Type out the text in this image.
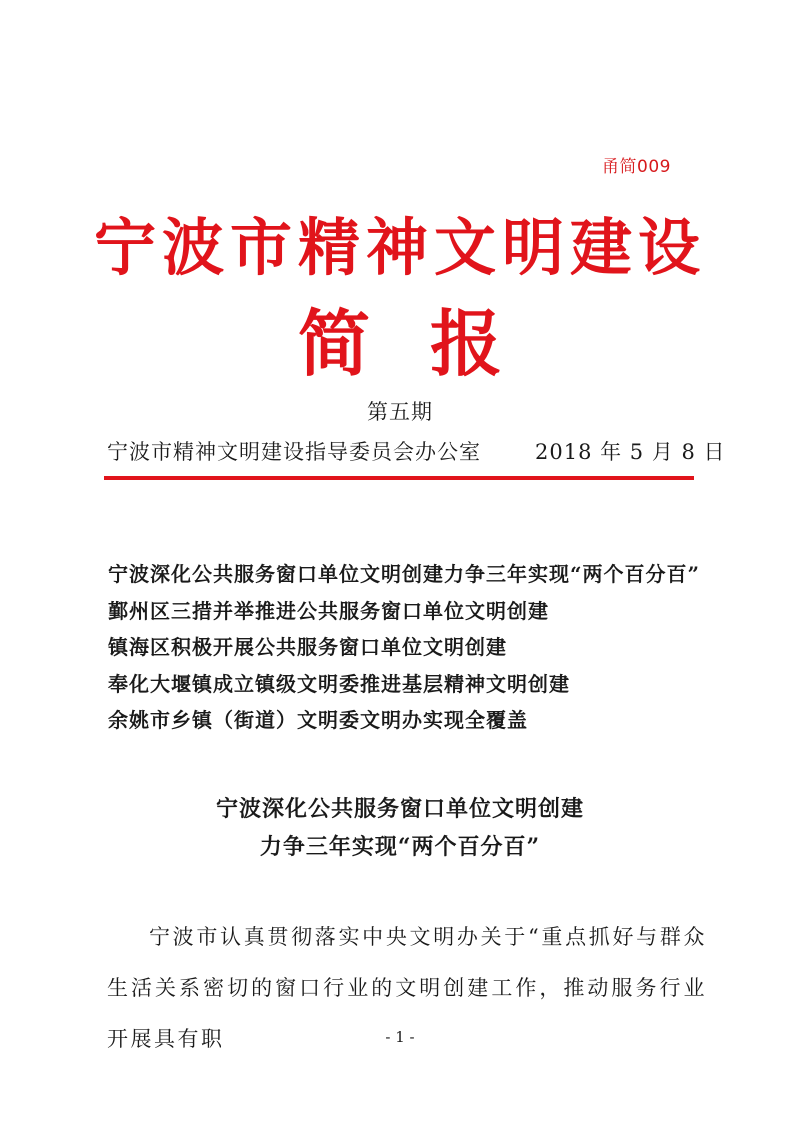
甬简009
宁波市精神文明建设
简报
第五期
宁波市精神文明建设指导委员会办公室	2018 年 5 月 8 日
宁波深化公共服务窗口单位文明创建力争三年实现“两个百分百”
鄞州区三措并举推进公共服务窗口单位文明创建
镇海区积极开展公共服务窗口单位文明创建
奉化大堰镇成立镇级文明委推进基层精神文明创建
余姚市乡镇（街道）文明委文明办实现全覆盖
宁波深化公共服务窗口单位文明创建
力争三年实现“两个百分百”
宁波市认真贯彻落实中央文明办关于“重点抓好与群众生活关系密切的窗口行业的文明创建工作，推动服务行业开展具有职	- 1 -
